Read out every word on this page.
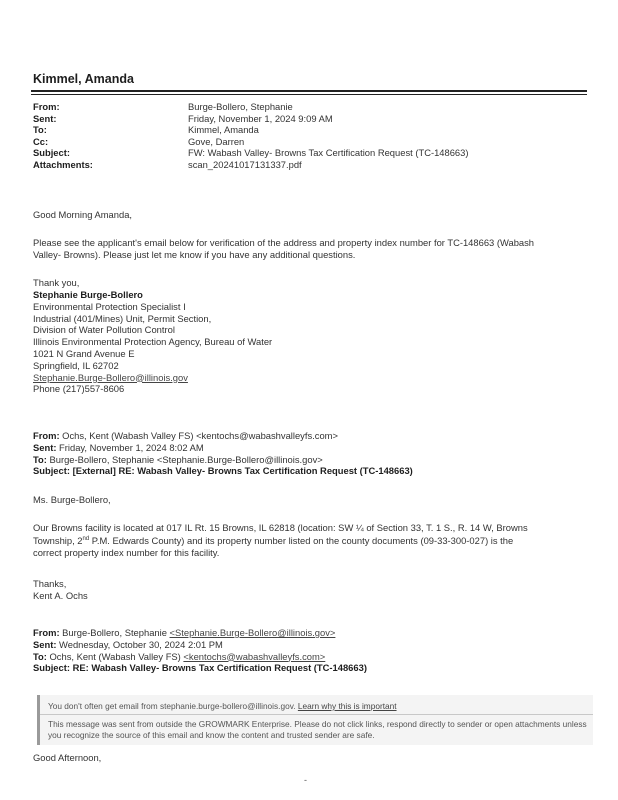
Kimmel, Amanda
From:	Burge-Bollero, Stephanie
Sent:	Friday, November 1, 2024 9:09 AM
To:	Kimmel, Amanda
Cc:	Gove, Darren
Subject:	FW: Wabash Valley- Browns Tax Certification Request (TC-148663)
Attachments:	scan_20241017131337.pdf
Good Morning Amanda,

Please see the applicant's email below for verification of the address and property index number for TC-148663 (Wabash

Valley- Browns). Please just let me know if you have any additional questions.

Thank you,
Stephanie Burge-Bollero
Environmental Protection Specialist I
Industrial (401/Mines) Unit, Permit Section,
Division of Water Pollution Control
Illinois Environmental Protection Agency, Bureau of Water
1021 N Grand Avenue E
Springfield, IL 62702
Stephanie.Burge-Bollero@illinois.gov
Phone (217)557-8606
From: Ochs, Kent (Wabash Valley FS) <kentochs@wabashvalleyfs.com>
Sent: Friday, November 1, 2024 8:02 AM
To: Burge-Bollero, Stephanie <Stephanie.Burge-Bollero@illinois.gov>
Subject: [External] RE: Wabash Valley- Browns Tax Certification Request (TC-148663)
Ms. Burge-Bollero,

Our Browns facility is located at 017 IL Rt. 15 Browns, IL 62818 (location: SW ¼ of Section 33, T. 1 S., R. 14 W, Browns

Township, 2nd P.M. Edwards County) and its property number listed on the county documents (09-33-300-027) is the

correct property index number for this facility.

Thanks,
Kent A. Ochs
From: Burge-Bollero, Stephanie <Stephanie.Burge-Bollero@illinois.gov>
Sent: Wednesday, October 30, 2024 2:01 PM
To: Ochs, Kent (Wabash Valley FS) <kentochs@wabashvalleyfs.com>
Subject: RE: Wabash Valley- Browns Tax Certification Request (TC-148663)
You don't often get email from stephanie.burge-bollero@illinois.gov. Learn why this is important
This message was sent from outside the GROWMARK Enterprise. Please do not click links, respond directly to sender or open attachments unless you recognize the source of this email and know the content and trusted sender are safe.
Good Afternoon,
-
